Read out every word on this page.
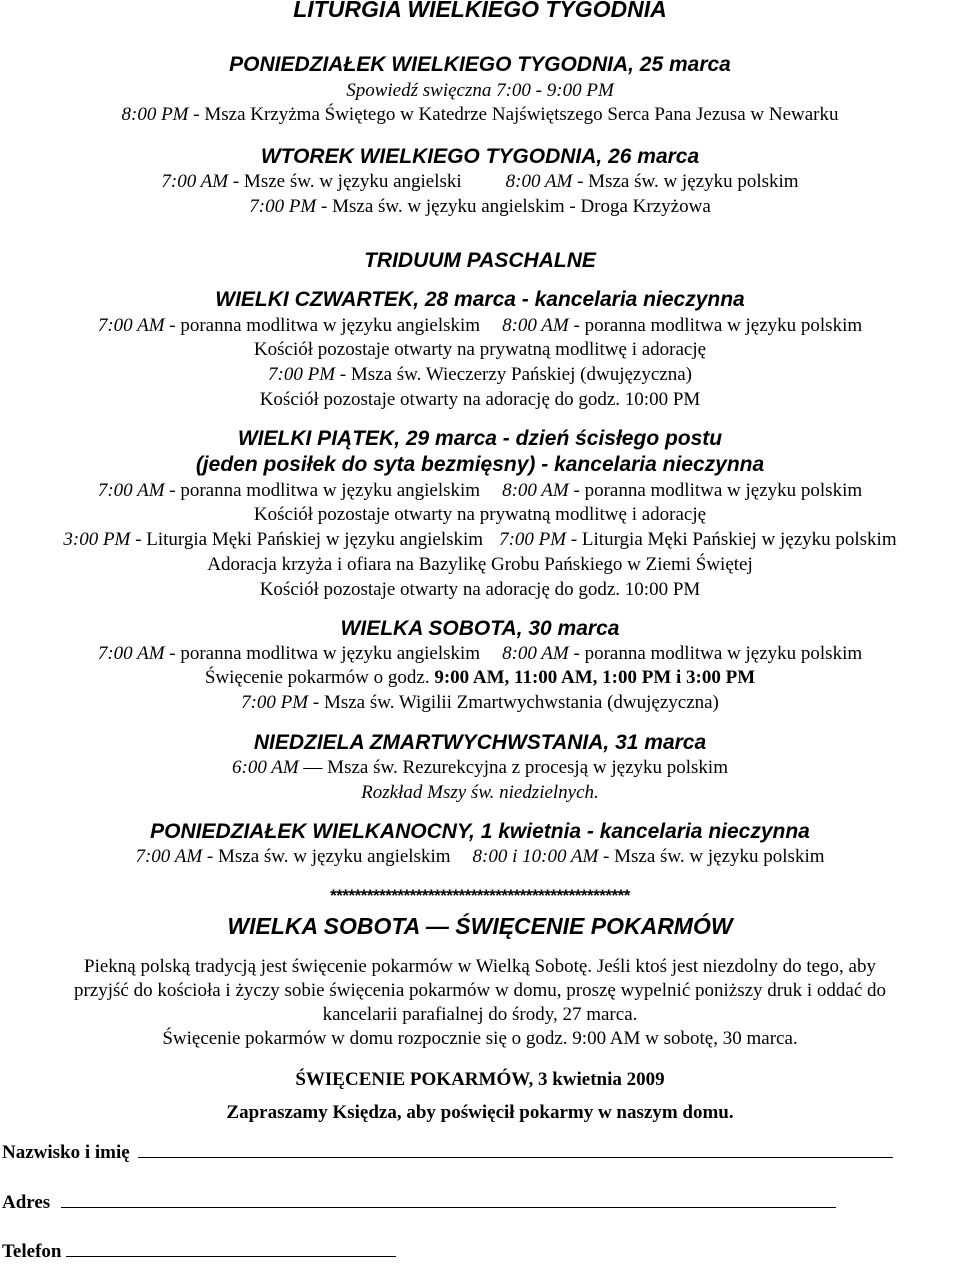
LITURGIA WIELKIEGO TYGODNIA
PONIEDZIAŁEK WIELKIEGO TYGODNIA, 25 marca
Spowiedź swięczna 7:00 - 9:00 PM
8:00 PM - Msza Krzyżma Świętego w Katedrze Najświętszego Serca Pana Jezusa w Newarku
WTOREK WIELKIEGO TYGODNIA, 26 marca
7:00 AM - Msze św. w języku angielski 8:00 AM - Msza św. w języku polskim
7:00 PM - Msza św. w języku angielskim - Droga Krzyżowa
TRIDUUM PASCHALNE
WIELKI CZWARTEK, 28 marca - kancelaria nieczynna
7:00 AM - poranna modlitwa w języku angielskim 8:00 AM - poranna modlitwa w języku polskim
Kościół pozostaje otwarty na prywatną modlitwę i adorację
7:00 PM - Msza św. Wieczerzy Pańskiej (dwujęzyczna)
Kościół pozostaje otwarty na adorację do godz. 10:00 PM
WIELKI PIĄTEK, 29 marca - dzień ścisłego postu
(jeden posiłek do syta bezmięsny) - kancelaria nieczynna
7:00 AM - poranna modlitwa w języku angielskim 8:00 AM - poranna modlitwa w języku polskim
Kościół pozostaje otwarty na prywatną modlitwę i adorację
3:00 PM - Liturgia Męki Pańskiej w języku angielskim 7:00 PM - Liturgia Męki Pańskiej w języku polskim
Adoracja krzyża i ofiara na Bazylikę Grobu Pańskiego w Ziemi Świętej
Kościół pozostaje otwarty na adorację do godz. 10:00 PM
WIELKA SOBOTA, 30 marca
7:00 AM - poranna modlitwa w języku angielskim 8:00 AM - poranna modlitwa w języku polskim
Święcenie pokarmów o godz. 9:00 AM, 11:00 AM, 1:00 PM i 3:00 PM
7:00 PM - Msza św. Wigilii Zmartwychwstania (dwujęzyczna)
NIEDZIELA ZMARTWYCHWSTANIA, 31 marca
6:00 AM — Msza św. Rezurekcyjna z procesją w języku polskim
Rozkład Mszy św. niedzielnych.
PONIEDZIAŁEK WIELKANOCNY, 1 kwietnia - kancelaria nieczynna
7:00 AM - Msza św. w języku angielskim 8:00 i 10:00 AM - Msza św. w języku polskim
*************************************************
WIELKA SOBOTA — ŚWIĘCENIE POKARMÓW
Piekną polską tradycją jest święcenie pokarmów w Wielką Sobotę. Jeśli ktoś jest niezdolny do tego, aby
przyjść do kościoła i życzy sobie święcenia pokarmów w domu, proszę wypelnić poniższy druk i oddać do
kancelarii parafialnej do środy, 27 marca.
Święcenie pokarmów w domu rozpocznie się o godz. 9:00 AM w sobotę, 30 marca.
ŚWIĘCENIE POKARMÓW, 3 kwietnia 2009
Zapraszamy Księdza, aby poświęcił pokarmy w naszym domu.
Nazwisko i imię
Adres
Telefon
